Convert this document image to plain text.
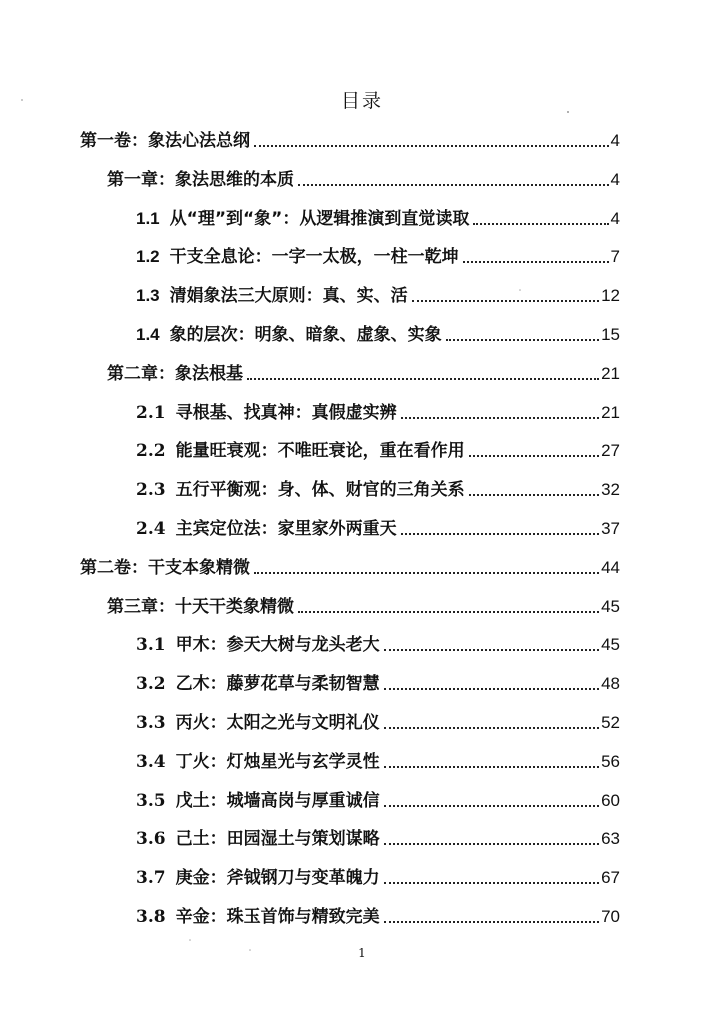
目录
第一卷：象法心法总纲	4
第一章：象法思维的本质	4
1.1 从“理”到“象”：从逻辑推演到直觉读取	4
1.2 干支全息论：一字一太极，一柱一乾坤	7
1.3 清娟象法三大原则：真、实、活	12
1.4 象的层次：明象、暗象、虚象、实象	15
第二章：象法根基	21
2.1 寻根基、找真神：真假虚实辨	21
2.2 能量旺衰观：不唯旺衰论，重在看作用	27
2.3 五行平衡观：身、体、财官的三角关系	32
2.4 主宾定位法：家里家外两重天	37
第二卷：干支本象精微	44
第三章：十天干类象精微	45
3.1 甲木：参天大树与龙头老大	45
3.2 乙木：藤萝花草与柔韧智慧	48
3.3 丙火：太阳之光与文明礼仪	52
3.4 丁火：灯烛星光与玄学灵性	56
3.5 戊土：城墙高岗与厚重诚信	60
3.6 己土：田园湿土与策划谋略	63
3.7 庚金：斧钺钢刀与变革魄力	67
3.8 辛金：珠玉首饰与精致完美	70
1
